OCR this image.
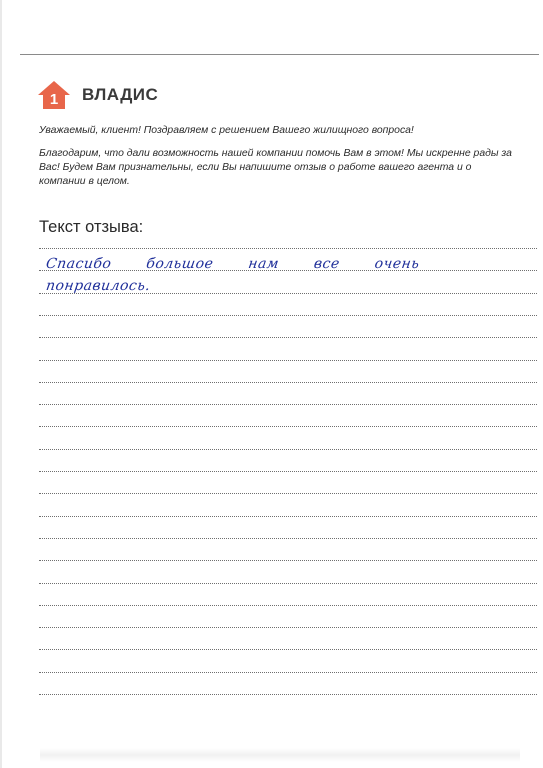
1 ВЛАДИС

Уважаемый, клиент! Поздравляем с решением Вашего жилищного вопроса!

Благодарим, что дали возможность нашей компании помочь Вам в этом! Мы искренне рады за Вас! Будем Вам признательны, если Вы напишите отзыв о работе вашего агента и о компании в целом.

Текст отзыва:
Спасибо большое нам все очень
понравилось.
